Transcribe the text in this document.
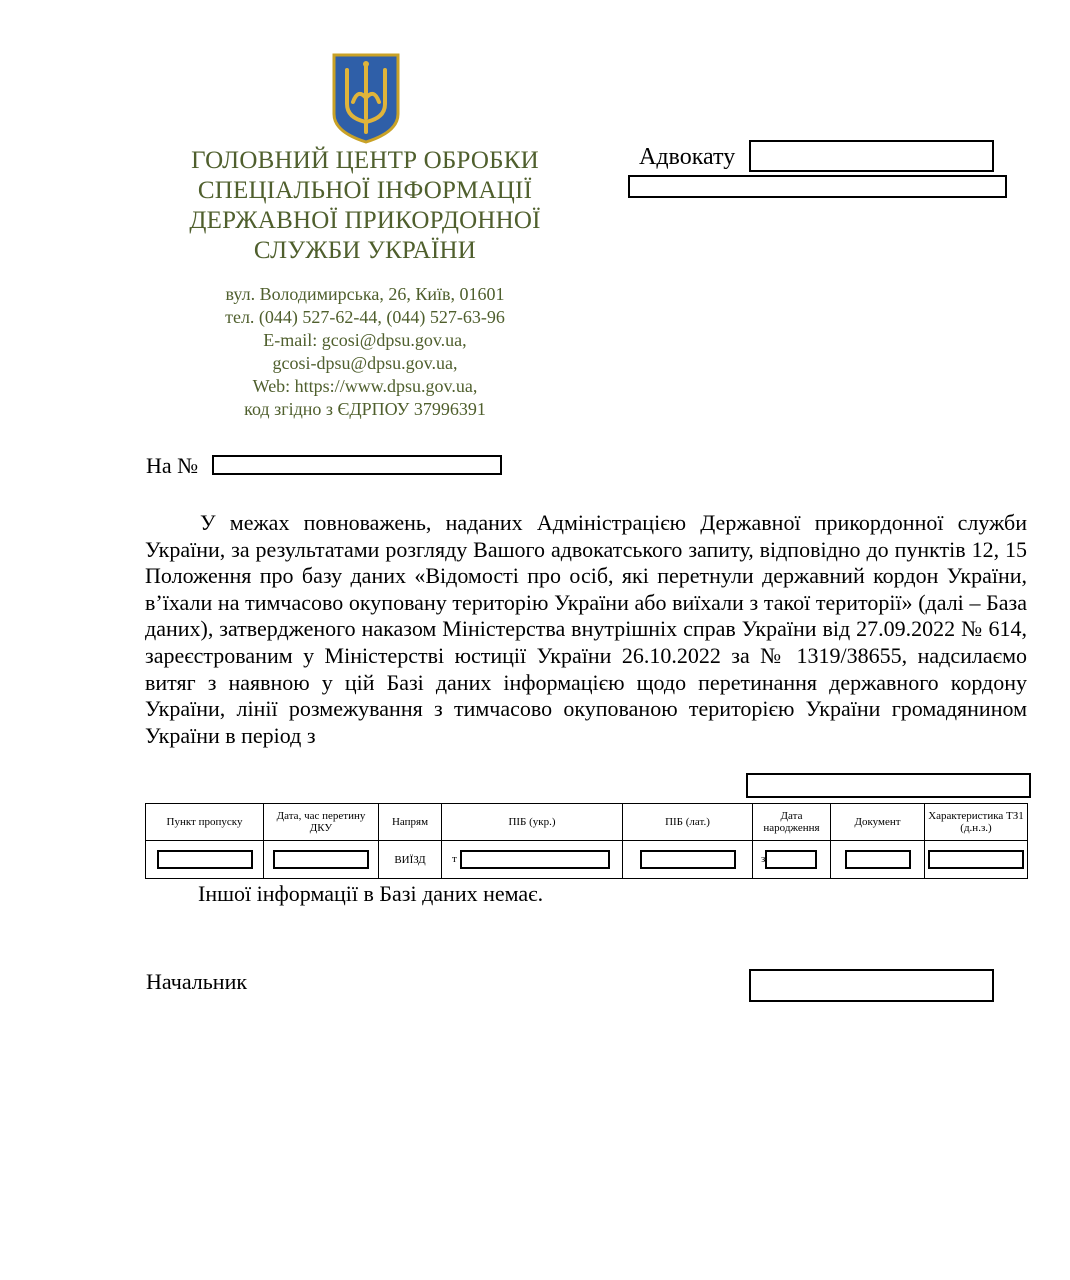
ГОЛОВНИЙ ЦЕНТР ОБРОБКИ
СПЕЦІАЛЬНОЇ ІНФОРМАЦІЇ
ДЕРЖАВНОЇ ПРИКОРДОННОЇ
СЛУЖБИ УКРАЇНИ
вул. Володимирська, 26, Київ, 01601
тел. (044) 527-62-44, (044) 527-63-96
E-mail: gcosi@dpsu.gov.ua,
gcosi-dpsu@dpsu.gov.ua,
Web: https://www.dpsu.gov.ua,
код згідно з ЄДРПОУ 37996391
Адвокату
На №

У межах повноважень, наданих Адміністрацією Державної прикордонної служби України, за результатами розгляду Вашого адвокатського запиту, відповідно до пунктів 12, 15 Положення про базу даних «Відомості про осіб, які перетнули державний кордон України, в’їхали на тимчасово окуповану територію України або виїхали з такої території» (далі – База даних), затвердженого наказом Міністерства внутрішніх справ України від 27.09.2022 № 614, зареєстрованим у Міністерстві юстиції України 26.10.2022 за № 1319/38655, надсилаємо витяг з наявною у цій Базі даних інформацією щодо перетинання державного кордону України, лінії розмежування з тимчасово окупованою територією України громадянином України в період з

Пункт пропуску	Дата, час перетину ДКУ	Напрям	ПІБ (укр.)	ПІБ (лат.)	Дата народження	Документ	Характеристика ТЗ1 (д.н.з.)
		ВИЇЗД	т		з		
Іншої інформації в Базі даних немає.
Начальник
